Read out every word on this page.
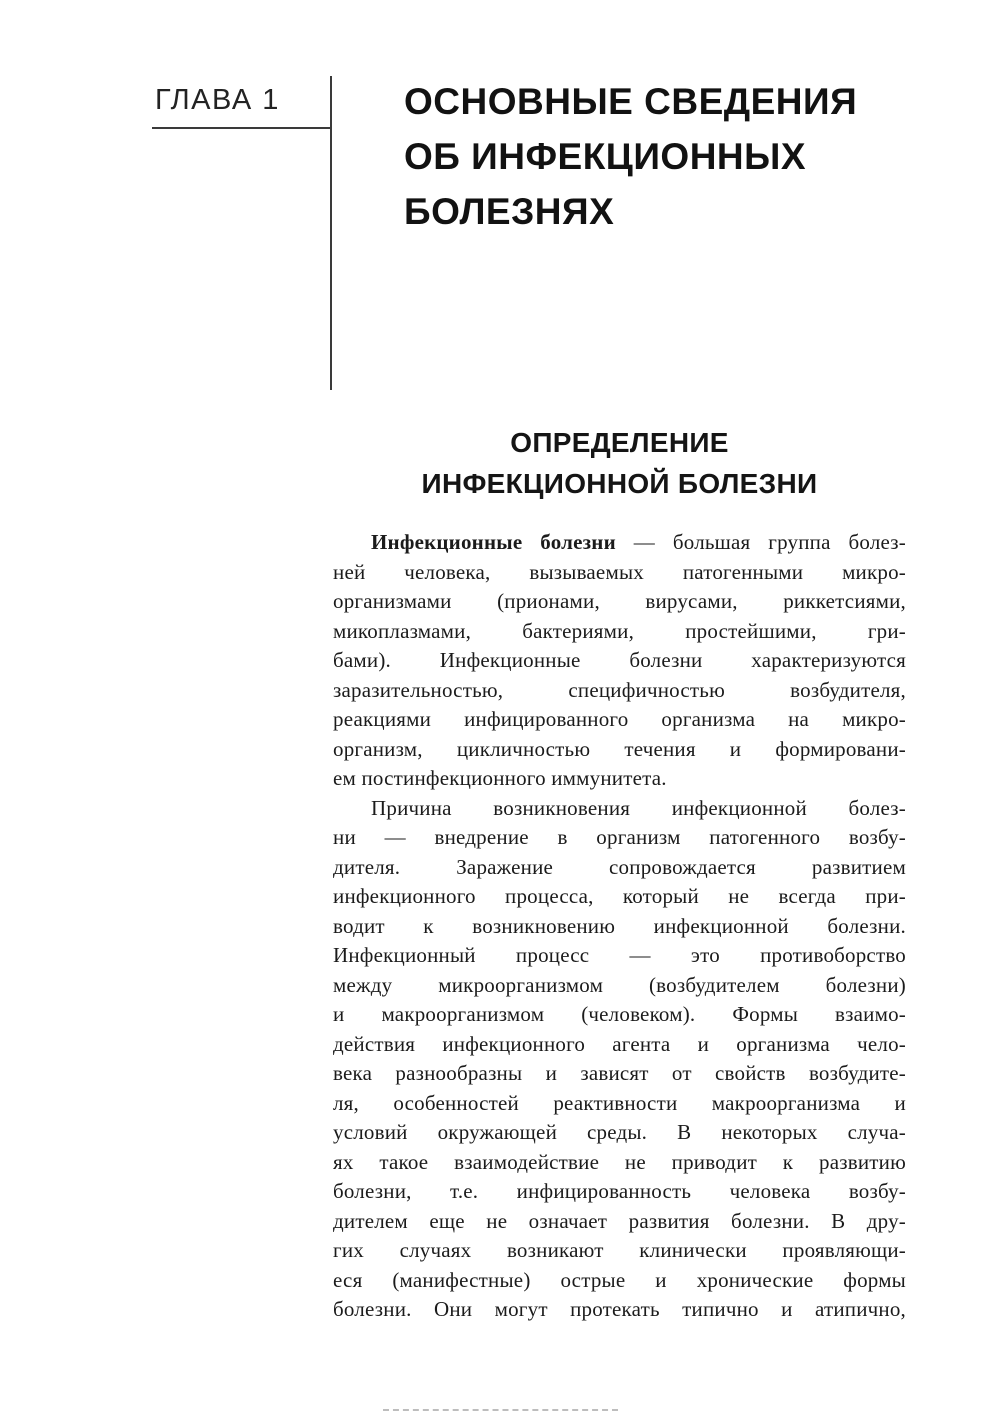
ГЛАВА 1	ОСНОВНЫЕ СВЕДЕНИЯ
ОБ ИНФЕКЦИОННЫХ
БОЛЕЗНЯХ
ОПРЕДЕЛЕНИЕ
ИНФЕКЦИОННОЙ БОЛЕЗНИ
Инфекционные болезни — большая группа болез-
ней человека, вызываемых патогенными микро-
организмами (прионами, вирусами, риккетсиями,
микоплазмами, бактериями, простейшими, гри-
бами). Инфекционные болезни характеризуются
заразительностью, специфичностью возбудителя,
реакциями инфицированного организма на микро-
организм, цикличностью течения и формировани-
ем постинфекционного иммунитета.
Причина возникновения инфекционной болез-
ни — внедрение в организм патогенного возбу-
дителя. Заражение сопровождается развитием
инфекционного процесса, который не всегда при-
водит к возникновению инфекционной болезни.
Инфекционный процесс — это противоборство
между микроорганизмом (возбудителем болезни)
и макроорганизмом (человеком). Формы взаимо-
действия инфекционного агента и организма чело-
века разнообразны и зависят от свойств возбудите-
ля, особенностей реактивности макроорганизма и
условий окружающей среды. В некоторых случа-
ях такое взаимодействие не приводит к развитию
болезни, т.е. инфицированность человека возбу-
дителем еще не означает развития болезни. В дру-
гих случаях возникают клинически проявляющи-
еся (манифестные) острые и хронические формы
болезни. Они могут протекать типично и атипично,
